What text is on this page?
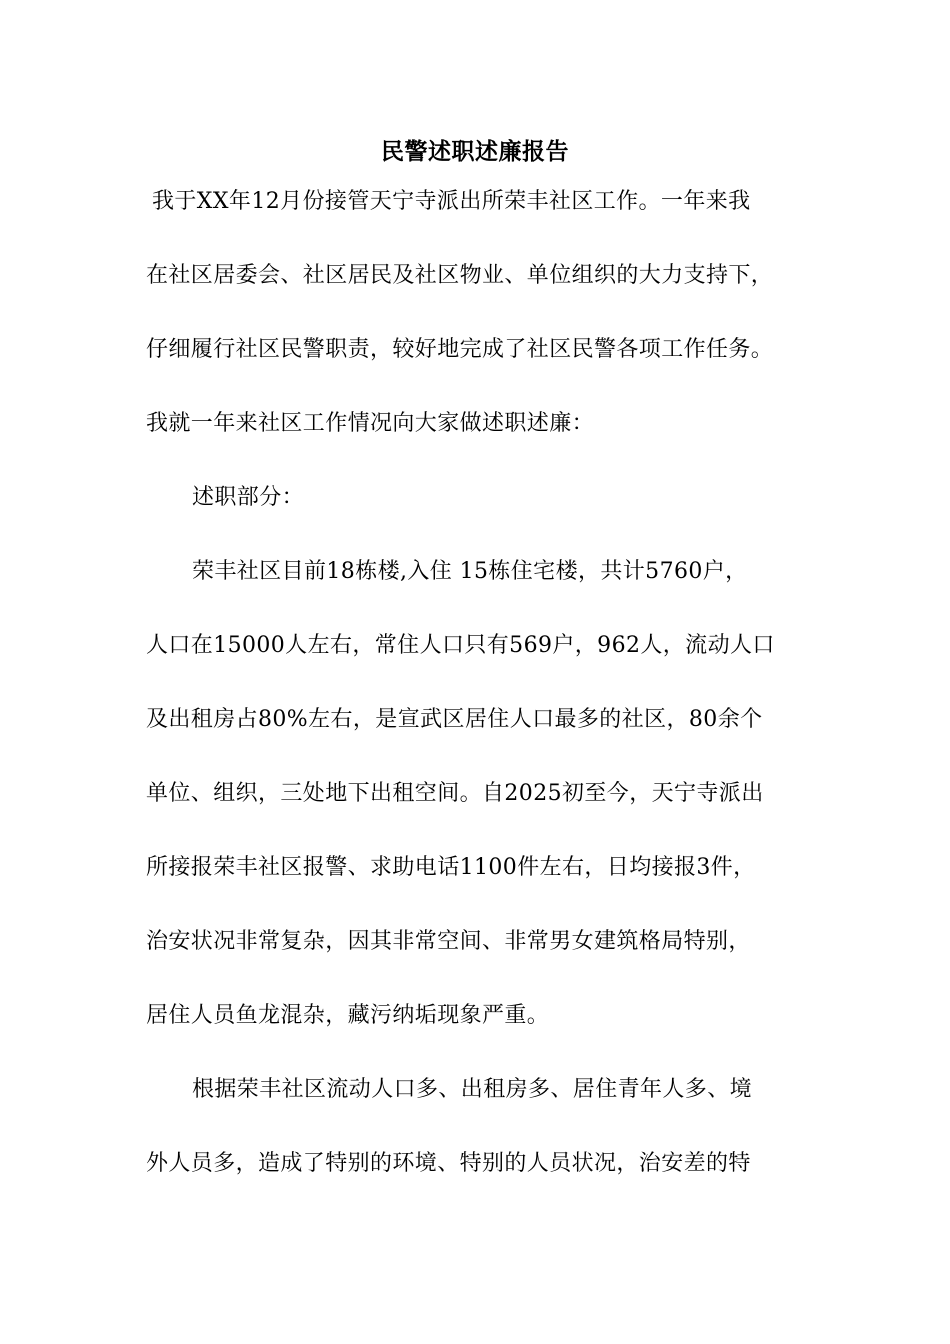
民警述职述廉报告
我于XX年12月份接管天宁寺派出所荣丰社区工作。一年来我
在社区居委会、社区居民及社区物业、单位组织的大力支持下，
仔细履行社区民警职责，较好地完成了社区民警各项工作任务。
我就一年来社区工作情况向大家做述职述廉：
述职部分：
荣丰社区目前18栋楼,入住 15栋住宅楼，共计5760户，
人口在15000人左右，常住人口只有569户，962人，流动人口
及出租房占80%左右，是宣武区居住人口最多的社区，80余个
单位、组织，三处地下出租空间。自2025初至今，天宁寺派出
所接报荣丰社区报警、求助电话1100件左右，日均接报3件，
治安状况非常复杂，因其非常空间、非常男女建筑格局特别，
居住人员鱼龙混杂，藏污纳垢现象严重。
根据荣丰社区流动人口多、出租房多、居住青年人多、境
外人员多，造成了特别的环境、特别的人员状况，治安差的特
